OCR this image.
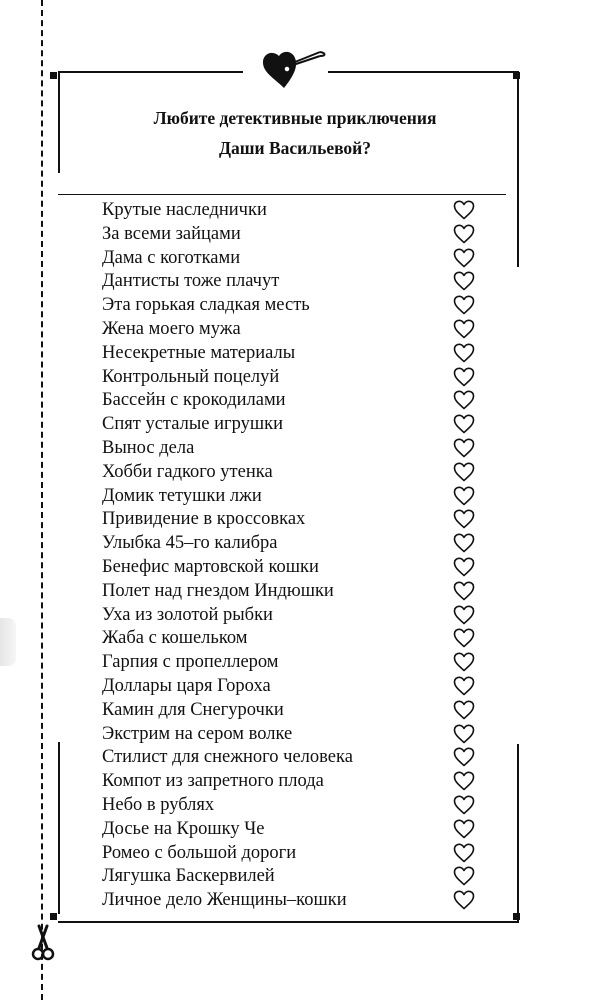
Любите детективные приключения
Даши Васильевой?
Крутые наследнички
За всеми зайцами
Дама с коготками
Дантисты тоже плачут
Эта горькая сладкая месть
Жена моего мужа
Несекретные материалы
Контрольный поцелуй
Бассейн с крокодилами
Спят усталые игрушки
Вынос дела
Хобби гадкого утенка
Домик тетушки лжи
Привидение в кроссовках
Улыбка 45–го калибра
Бенефис мартовской кошки
Полет над гнездом Индюшки
Уха из золотой рыбки
Жаба с кошельком
Гарпия с пропеллером
Доллары царя Гороха
Камин для Снегурочки
Экстрим на сером волке
Стилист для снежного человека
Компот из запретного плода
Небо в рублях
Досье на Крошку Че
Ромео с большой дороги
Лягушка Баскервилей
Личное дело Женщины–кошки
